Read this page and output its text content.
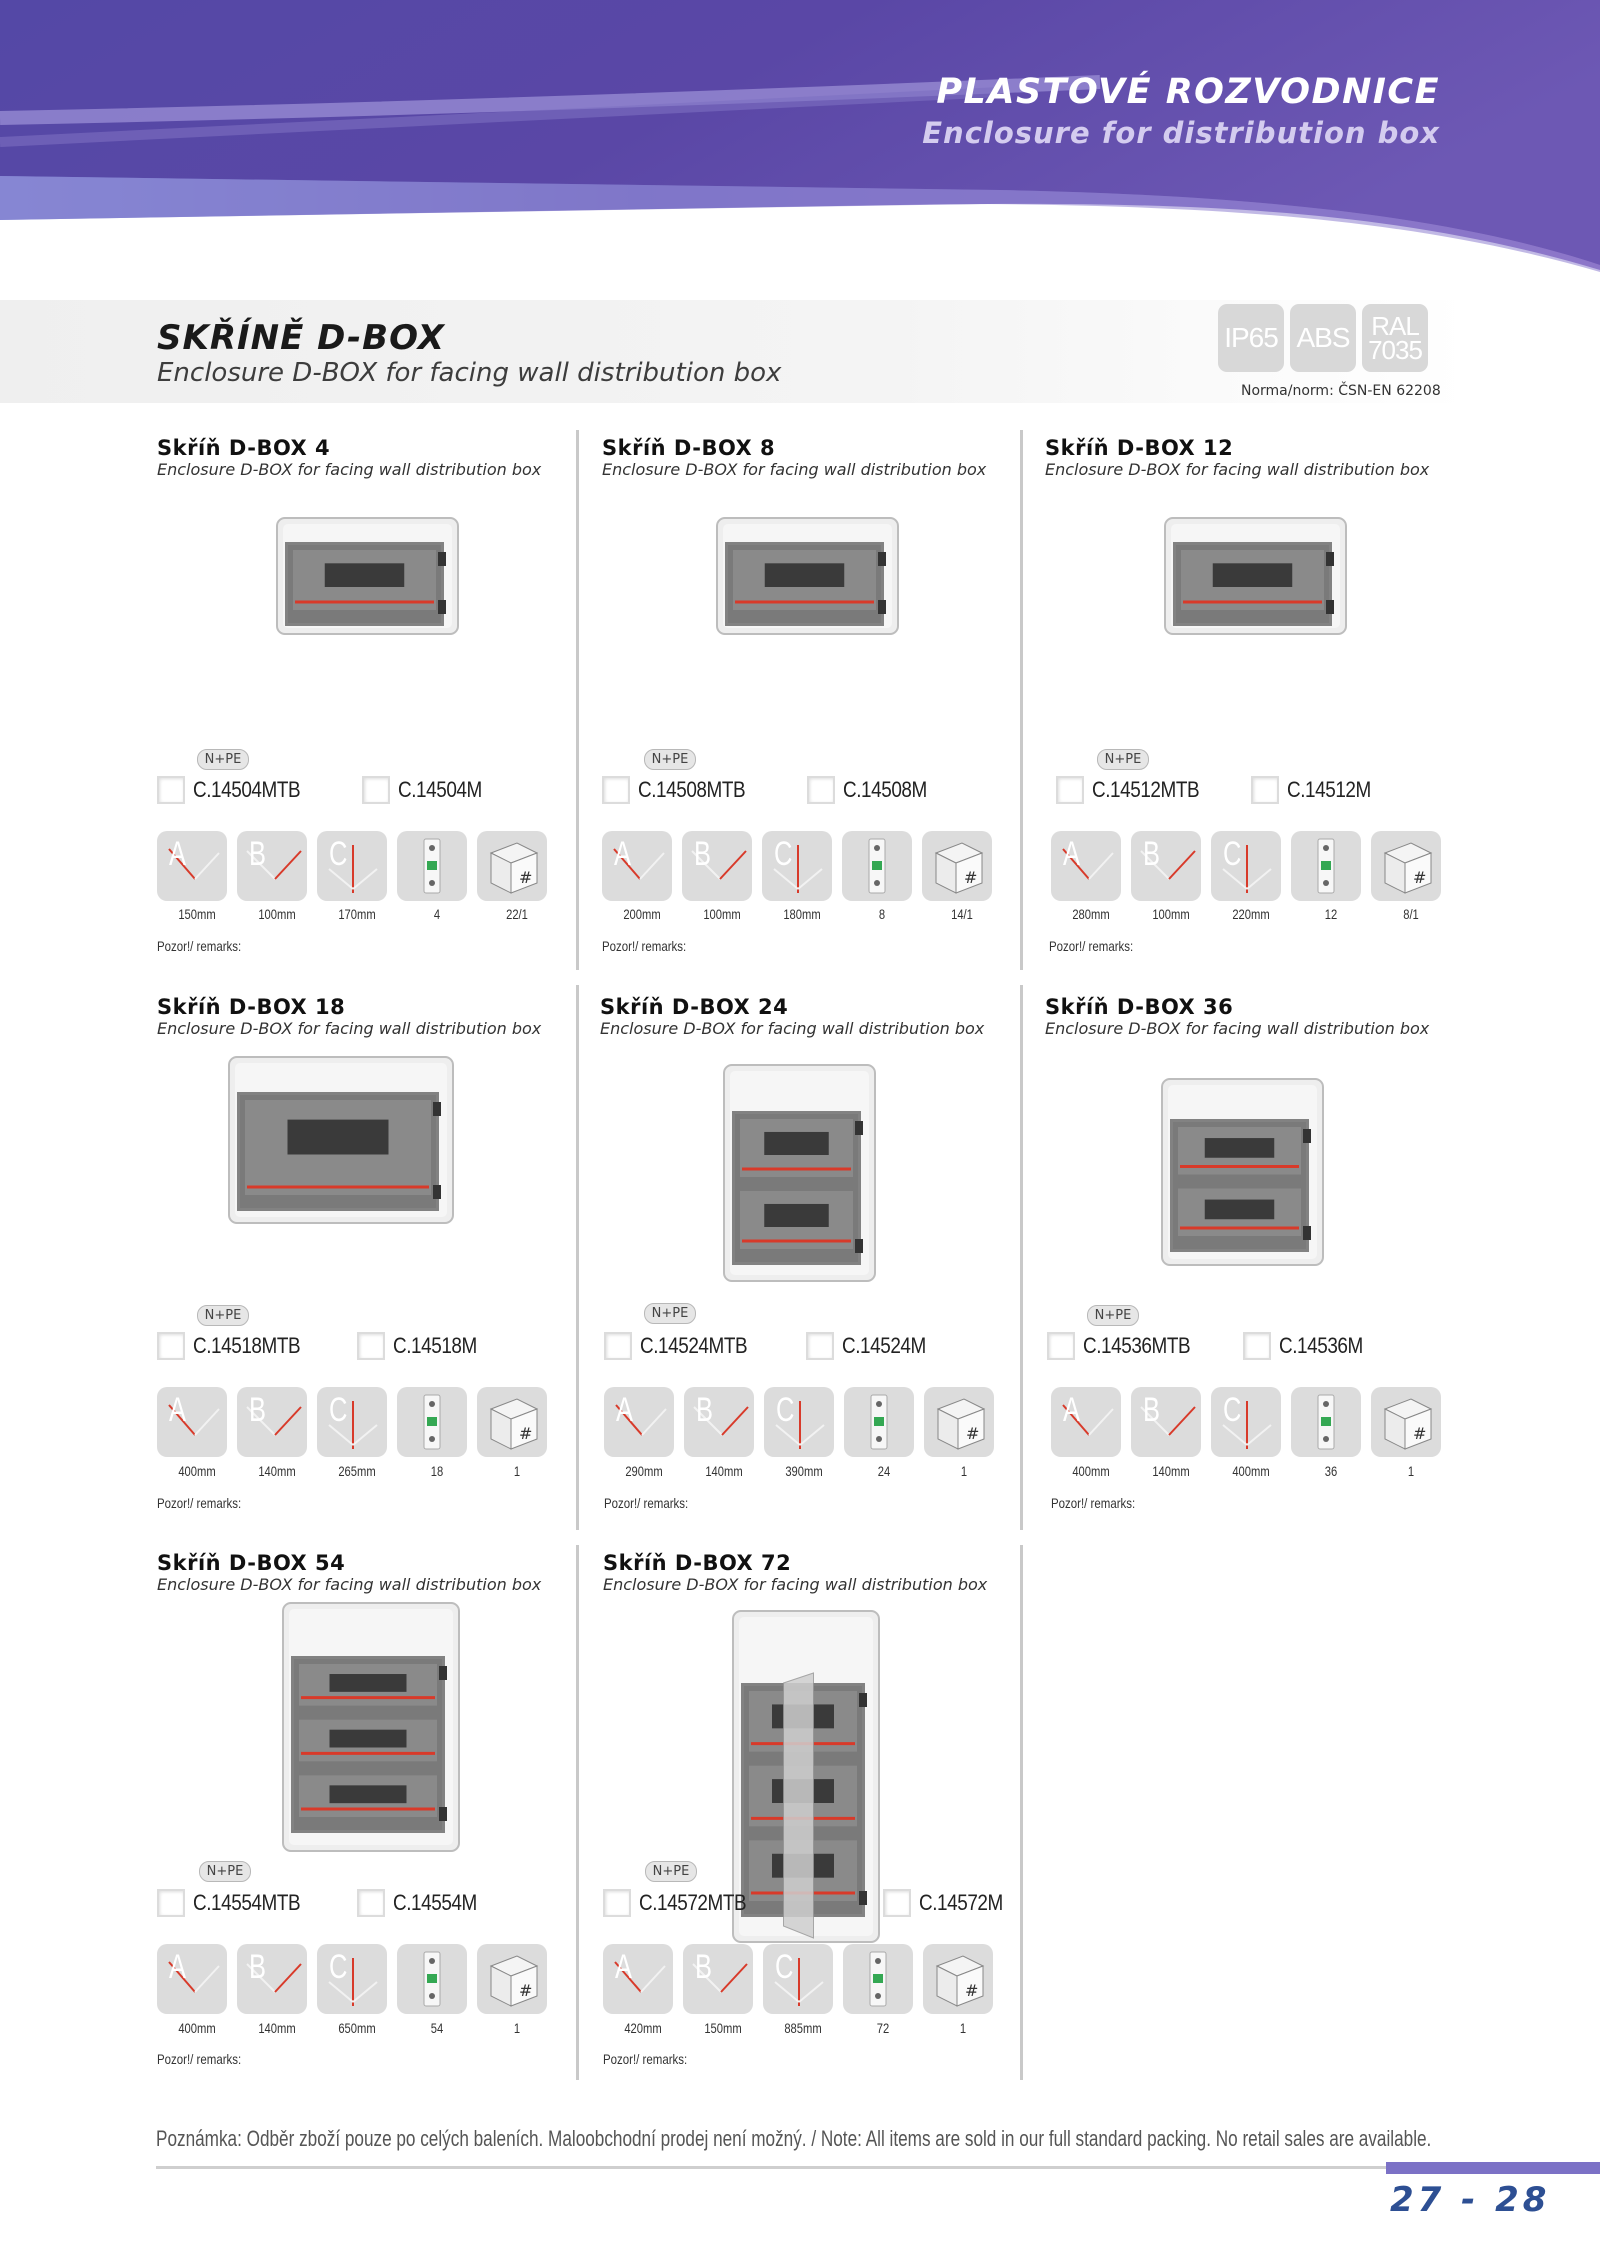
PLASTOVÉ ROZVODNICE
Enclosure for distribution box
SKŘÍNĚ D-BOX
Enclosure D-BOX for facing wall distribution box
IP65 ABS RAL
7035
Norma/norm: ČSN-EN 62208
Skříň D-BOX 4
Enclosure D-BOX for facing wall distribution box
N+PE
C.14504MTB	C.14504M
A B C
#
150mm	100mm	170mm	4	22/1
Pozor!/ remarks:
Skříň D-BOX 8
Enclosure D-BOX for facing wall distribution box
N+PE
C.14508MTB	C.14508M
A B C
#
200mm	100mm	180mm	8	14/1
Pozor!/ remarks:
Skříň D-BOX 12
Enclosure D-BOX for facing wall distribution box
N+PE
C.14512MTB	C.14512M
A B C
#
280mm	100mm	220mm	12	8/1
Pozor!/ remarks:
Skříň D-BOX 18
Enclosure D-BOX for facing wall distribution box
N+PE
C.14518MTB	C.14518M
A B C
#
400mm	140mm	265mm	18	1
Pozor!/ remarks:
Skříň D-BOX 24
Enclosure D-BOX for facing wall distribution box
N+PE
C.14524MTB	C.14524M
A B C
#
290mm	140mm	390mm	24	1
Pozor!/ remarks:
Skříň D-BOX 36
Enclosure D-BOX for facing wall distribution box
N+PE
C.14536MTB	C.14536M
A B C
#
400mm	140mm	400mm	36	1
Pozor!/ remarks:
Skříň D-BOX 54
Enclosure D-BOX for facing wall distribution box
N+PE
C.14554MTB	C.14554M
A B C
#
400mm	140mm	650mm	54	1
Pozor!/ remarks:
Skříň D-BOX 72
Enclosure D-BOX for facing wall distribution box
N+PE
C.14572MTB	C.14572M
A B C
#
420mm	150mm	885mm	72	1
Pozor!/ remarks:
Poznámka: Odběr zboží pouze po celých baleních. Maloobchodní prodej není možný. / Note: All items are sold in our full standard packing. No retail sales are available.
27 - 28
